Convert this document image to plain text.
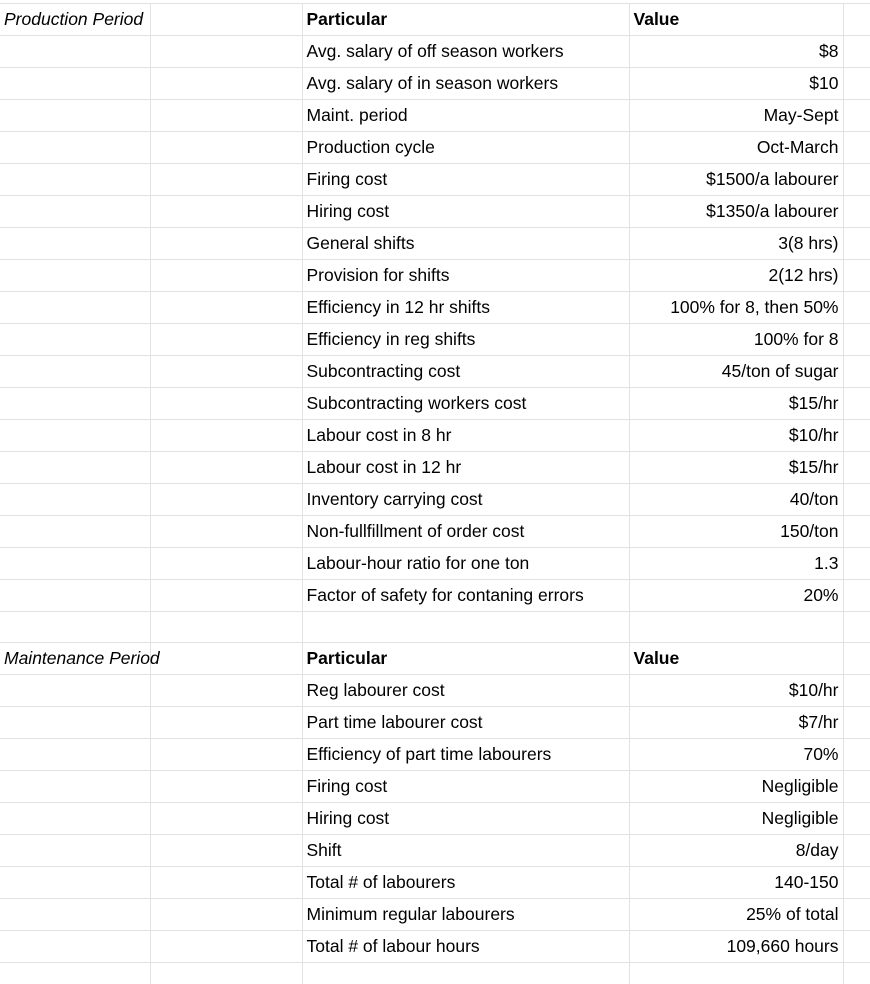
Production Period		Particular	Value	
		Avg. salary of off season workers	$8	
		Avg. salary of in season workers	$10	
		Maint. period	May-Sept	
		Production cycle	Oct-March	
		Firing cost	$1500/a labourer	
		Hiring cost	$1350/a labourer	
		General shifts	3(8 hrs)	
		Provision for shifts	2(12 hrs)	
		Efficiency in 12 hr shifts	100% for 8, then 50%	
		Efficiency in reg shifts	100% for 8	
		Subcontracting cost	45/ton of sugar	
		Subcontracting workers cost	$15/hr	
		Labour cost in 8 hr	$10/hr	
		Labour cost in 12 hr	$15/hr	
		Inventory carrying cost	40/ton	
		Non-fullfillment of order cost	150/ton	
		Labour-hour ratio for one ton	1.3	
		Factor of safety for contaning errors	20%	

Maintenance Period		Particular	Value	
		Reg labourer cost	$10/hr	
		Part time labourer cost	$7/hr	
		Efficiency of part time labourers	70%	
		Firing cost	Negligible	
		Hiring cost	Negligible	
		Shift	8/day	
		Total # of labourers	140-150	
		Minimum regular labourers	25% of total	
		Total # of labour hours	109,660 hours	
